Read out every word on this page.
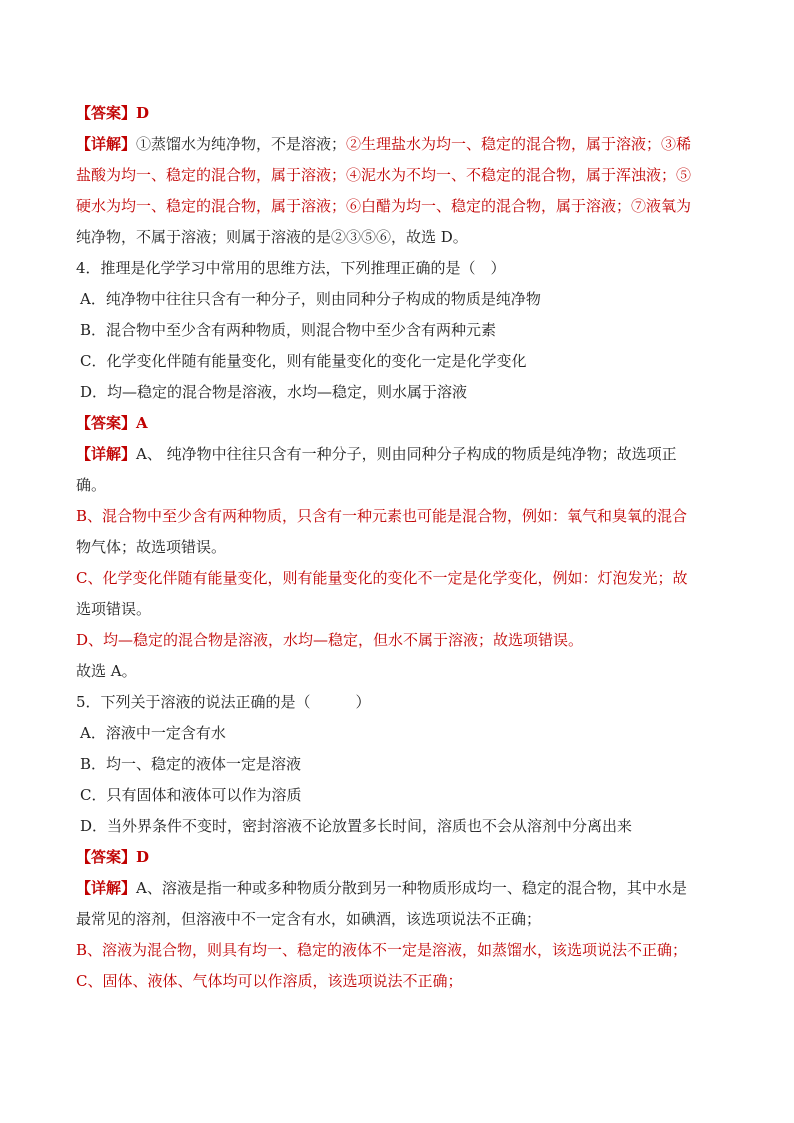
【答案】D
【详解】①蒸馏水为纯净物，不是溶液；②生理盐水为均一、稳定的混合物，属于溶液；③稀
盐酸为均一、稳定的混合物，属于溶液；④泥水为不均一、不稳定的混合物，属于浑浊液；⑤
硬水为均一、稳定的混合物，属于溶液；⑥白醋为均一、稳定的混合物，属于溶液；⑦液氧为
纯净物，不属于溶液；则属于溶液的是②③⑤⑥，故选 D。
4．推理是化学学习中常用的思维方法，下列推理正确的是（　）
A．纯净物中往往只含有一种分子，则由同种分子构成的物质是纯净物
B．混合物中至少含有两种物质，则混合物中至少含有两种元素
C．化学变化伴随有能量变化，则有能量变化的变化一定是化学变化
D．均—稳定的混合物是溶液，水均—稳定，则水属于溶液
【答案】A
【详解】A、 纯净物中往往只含有一种分子，则由同种分子构成的物质是纯净物；故选项正
确。
B、混合物中至少含有两种物质，只含有一种元素也可能是混合物，例如：氧气和臭氧的混合
物气体；故选项错误。
C、化学变化伴随有能量变化，则有能量变化的变化不一定是化学变化，例如：灯泡发光；故
选项错误。
D、均—稳定的混合物是溶液，水均—稳定，但水不属于溶液；故选项错误。
故选 A。
5．下列关于溶液的说法正确的是（　　　）
A．溶液中一定含有水
B．均一、稳定的液体一定是溶液
C．只有固体和液体可以作为溶质
D．当外界条件不变时，密封溶液不论放置多长时间，溶质也不会从溶剂中分离出来
【答案】D
【详解】A、溶液是指一种或多种物质分散到另一种物质形成均一、稳定的混合物，其中水是
最常见的溶剂，但溶液中不一定含有水，如碘酒，该选项说法不正确；
B、溶液为混合物，则具有均一、稳定的液体不一定是溶液，如蒸馏水，该选项说法不正确；
C、固体、液体、气体均可以作溶质，该选项说法不正确；
